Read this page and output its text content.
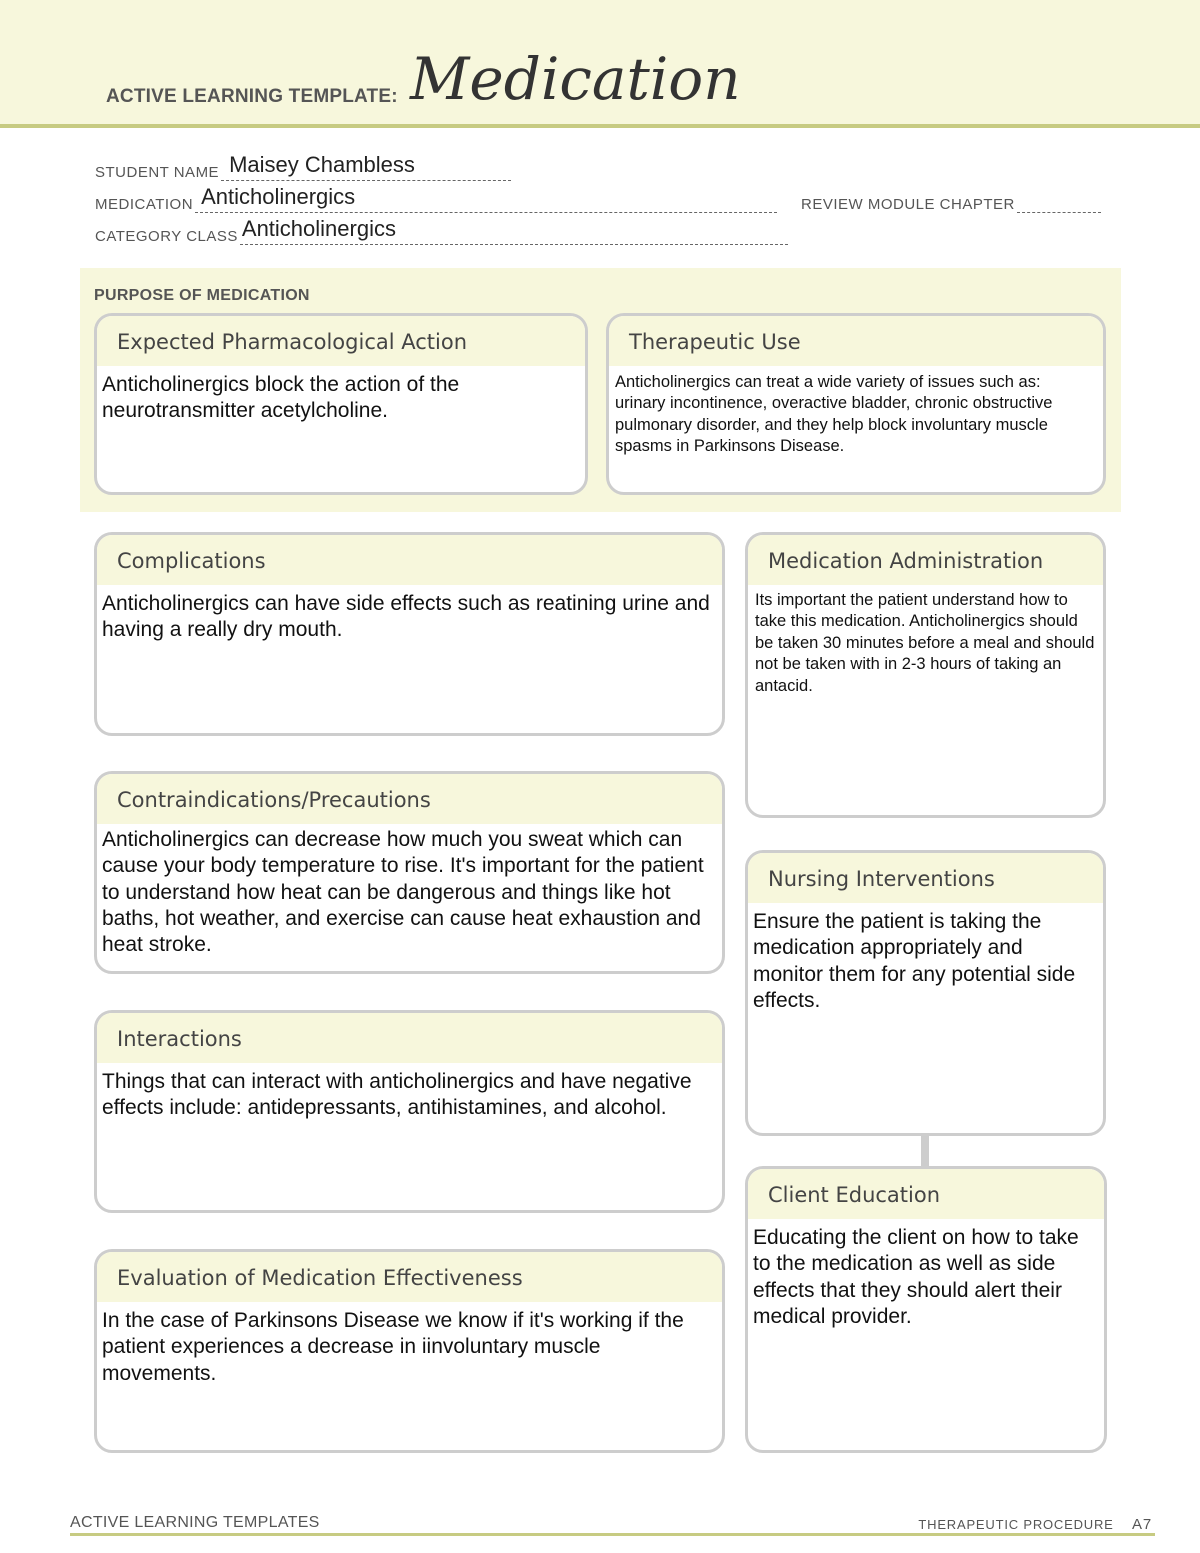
ACTIVE LEARNING TEMPLATE: Medication
STUDENT NAME Maisey Chambless
MEDICATION Anticholinergics	REVIEW MODULE CHAPTER
CATEGORY CLASS Anticholinergics
PURPOSE OF MEDICATION
Expected Pharmacological Action
Anticholinergics block the action of the neurotransmitter acetylcholine.
Therapeutic Use
Anticholinergics can treat a wide variety of issues such as: urinary incontinence, overactive bladder, chronic obstructive pulmonary disorder, and they help block involuntary muscle spasms in Parkinsons Disease.
Complications
Anticholinergics can have side effects such as reatining urine and having a really dry mouth.
Contraindications/Precautions
Anticholinergics can decrease how much you sweat which can cause your body temperature to rise. It's important for the patient to understand how heat can be dangerous and things like hot baths, hot weather, and exercise can cause heat exhaustion and heat stroke.
Interactions
Things that can interact with anticholinergics and have negative effects include: antidepressants, antihistamines, and alcohol.
Evaluation of Medication Effectiveness
In the case of Parkinsons Disease we know if it's working if the patient experiences a decrease in iinvoluntary muscle movements.
Medication Administration
Its important the patient understand how to take this medication. Anticholinergics should be taken 30 minutes before a meal and should not be taken with in 2-3 hours of taking an antacid.
Nursing Interventions
Ensure the patient is taking the medication appropriately and monitor them for any potential side effects.
Client Education
Educating the client on how to take to the medication as well as side effects that they should alert their medical provider.
ACTIVE LEARNING TEMPLATES	THERAPEUTIC PROCEDURE A7
